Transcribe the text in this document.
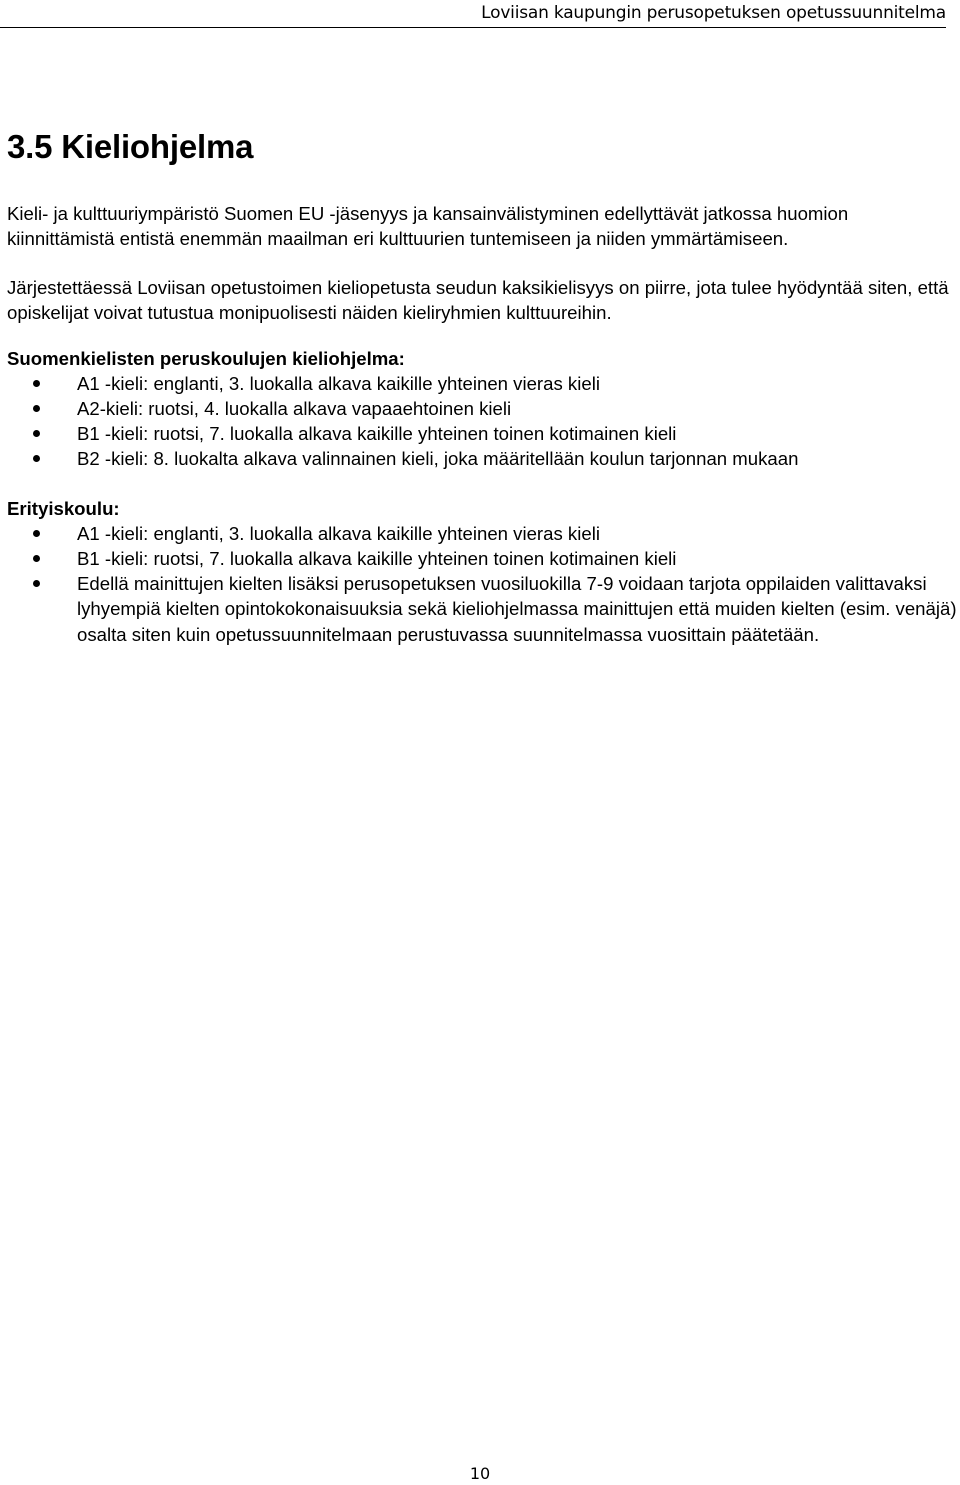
Loviisan kaupungin perusopetuksen opetussuunnitelma
3.5 Kieliohjelma

Kieli- ja kulttuuriympäristö Suomen EU -jäsenyys ja kansainvälistyminen edellyttävät jatkossa huomion kiinnittämistä entistä enemmän maailman eri kulttuurien tuntemiseen ja niiden ymmärtämiseen.

Järjestettäessä Loviisan opetustoimen kieliopetusta seudun kaksikielisyys on piirre, jota tulee hyödyntää siten, että opiskelijat voivat tutustua monipuolisesti näiden kieliryhmien kulttuureihin.

Suomenkielisten peruskoulujen kieliohjelma:

A1 -kieli: englanti, 3. luokalla alkava kaikille yhteinen vieras kieli
A2-kieli: ruotsi, 4. luokalla alkava vapaaehtoinen kieli
B1 -kieli: ruotsi, 7. luokalla alkava kaikille yhteinen toinen kotimainen kieli
B2 -kieli: 8. luokalta alkava valinnainen kieli, joka määritellään koulun tarjonnan mukaan

Erityiskoulu:

A1 -kieli: englanti, 3. luokalla alkava kaikille yhteinen vieras kieli
B1 -kieli: ruotsi, 7. luokalla alkava kaikille yhteinen toinen kotimainen kieli
Edellä mainittujen kielten lisäksi perusopetuksen vuosiluokilla 7-9 voidaan tarjota oppilaiden valittavaksi lyhyempiä kielten opintokokonaisuuksia sekä kieliohjelmassa mainittujen että muiden kielten (esim. venäjä) osalta siten kuin opetussuunnitelmaan perustuvassa suunnitelmassa vuosittain päätetään.
10
